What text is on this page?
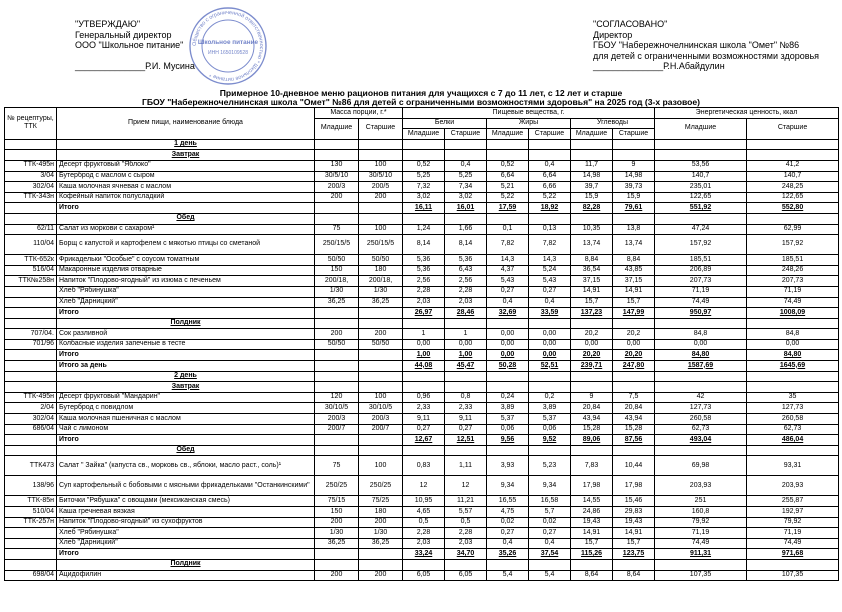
"УТВЕРЖДАЮ"
Генеральный директор
ООО "Школьное питание"
______________Р.И. Мусина
Общество с ограниченной ответственностью * Школьное питание *
Школьное питание
ИНН 1650109528
"СОГЛАСОВАНО"
Директор
ГБОУ "Набережночелнинская школа "Омет" №86
для детей с ограниченными возможностями здоровья
______________Р.Н.Абайдулин
Примерное 10-дневное меню рационов питания для учащихся с 7 до 11 лет, с 12 лет и старше
ГБОУ "Набережночелнинская школа "Омет" №86 для детей с ограниченными возможностями здоровья" на 2025 год (3-х разовое)
№ рецептуры, ТТК	Прием пищи, наименование блюда	Масса порции, г.*		Пищевые вещества, г.						Энергетическая ценность, ккал	
		Младшие	Старшие	Белки		Жиры		Углеводы		Младшие	Старшие
				Младшие	Старшие	Младшие	Старшие	Младшие	Старшие		
	1 день										
	Завтрак										
ТТК-495н	Десерт фруктовый "Яблоко"	130	100	0,52	0,4	0,52	0,4	11,7	9	53,56	41,2
3/04	Бутерброд с маслом с сыром	30/5/10	30/5/10	5,25	5,25	6,64	6,64	14,98	14,98	140,7	140,7
302/04	Каша молочная ячневая с маслом	200/3	200/5	7,32	7,34	5,21	6,66	39,7	39,73	235,01	248,25
ТТК-343н	Кофейный напиток полусладкий	200	200	3,02	3,02	5,22	5,22	15,9	15,9	122,65	122,65
	Итого			16,11	16,01	17,59	18,92	82,28	79,61	551,92	552,80
	Обед										
62/11	Салат из моркови с сахаром¹	75	100	1,24	1,66	0,1	0,13	10,35	13,8	47,24	62,99
110/04	Борщ с капустой и картофелем с мякотью птицы со сметаной	250/15/5	250/15/5	8,14	8,14	7,82	7,82	13,74	13,74	157,92	157,92
ТТК-652к	Фрикадельки "Особые" с соусом томатным	50/50	50/50	5,36	5,36	14,3	14,3	8,84	8,84	185,51	185,51
516/04	Макаронные изделия отварные	150	180	5,36	6,43	4,37	5,24	36,54	43,85	206,89	248,26
ТТК№258н	Напиток "Плодово-ягодный" из изюма с печеньем	200/18,	200/18,	2,56	2,56	5,43	5,43	37,15	37,15	207,73	207,73
	Хлеб "Рябинушка"	1/30	1/30	2,28	2,28	0,27	0,27	14,91	14,91	71,19	71,19
	Хлеб "Дарницкий"	36,25	36,25	2,03	2,03	0,4	0,4	15,7	15,7	74,49	74,49
	Итого			26,97	28,46	32,69	33,59	137,23	147,99	950,97	1008,09
	Полдник										
707/04.	Сок разливной	200	200	1	1	0,00	0,00	20,2	20,2	84,8	84,8
701/96	Колбасные изделия запеченые в тесте	50/50	50/50	0,00	0,00	0,00	0,00	0,00	0,00	0,00	0,00
	Итого			1,00	1,00	0,00	0,00	20,20	20,20	84,80	84,80
	Итого за день			44,08	45,47	50,28	52,51	239,71	247,80	1587,69	1645,69
	2 день										
	Завтрак										
ТТК-495н	Десерт фруктовый "Мандарин"	120	100	0,96	0,8	0,24	0,2	9	7,5	42	35
2/04	Бутерброд с повидлом	30/10/5	30/10/5	2,33	2,33	3,89	3,89	20,84	20,84	127,73	127,73
302/04	Каша молочная пшеничная с маслом	200/3	200/3	9,11	9,11	5,37	5,37	43,94	43,94	260,58	260,58
686/04	Чай с лимоном	200/7	200/7	0,27	0,27	0,06	0,06	15,28	15,28	62,73	62,73
	Итого			12,67	12,51	9,56	9,52	89,06	87,56	493,04	486,04
	Обед										
ТТК473	Салат " Зайка" (капуста св., морковь св., яблоки, масло раст., соль)¹	75	100	0,83	1,11	3,93	5,23	7,83	10,44	69,98	93,31
138/96	Суп картофельный с бобовыми с мясными фрикадельками "Останкинскими"	250/25	250/25	12	12	9,34	9,34	17,98	17,98	203,93	203,93
ТТК-85н	Биточки "Рябушка" с овощами (мексиканская смесь)	75/15	75/25	10,95	11,21	16,55	16,58	14,55	15,46	251	255,87
510/04	Каша гречневая вязкая	150	180	4,65	5,57	4,75	5,7	24,86	29,83	160,8	192,97
ТТК-257н	Напиток "Плодово-ягодный" из сухофруктов	200	200	0,5	0,5	0,02	0,02	19,43	19,43	79,92	79,92
	Хлеб "Рябинушка"	1/30	1/30	2,28	2,28	0,27	0,27	14,91	14,91	71,19	71,19
	Хлеб "Дарницкий"	36,25	36,25	2,03	2,03	0,4	0,4	15,7	15,7	74,49	74,49
	Итого			33,24	34,70	35,26	37,54	115,26	123,75	911,31	971,68
	Полдник										
698/04	Ацидофилин	200	200	6,05	6,05	5,4	5,4	8,64	8,64	107,35	107,35
